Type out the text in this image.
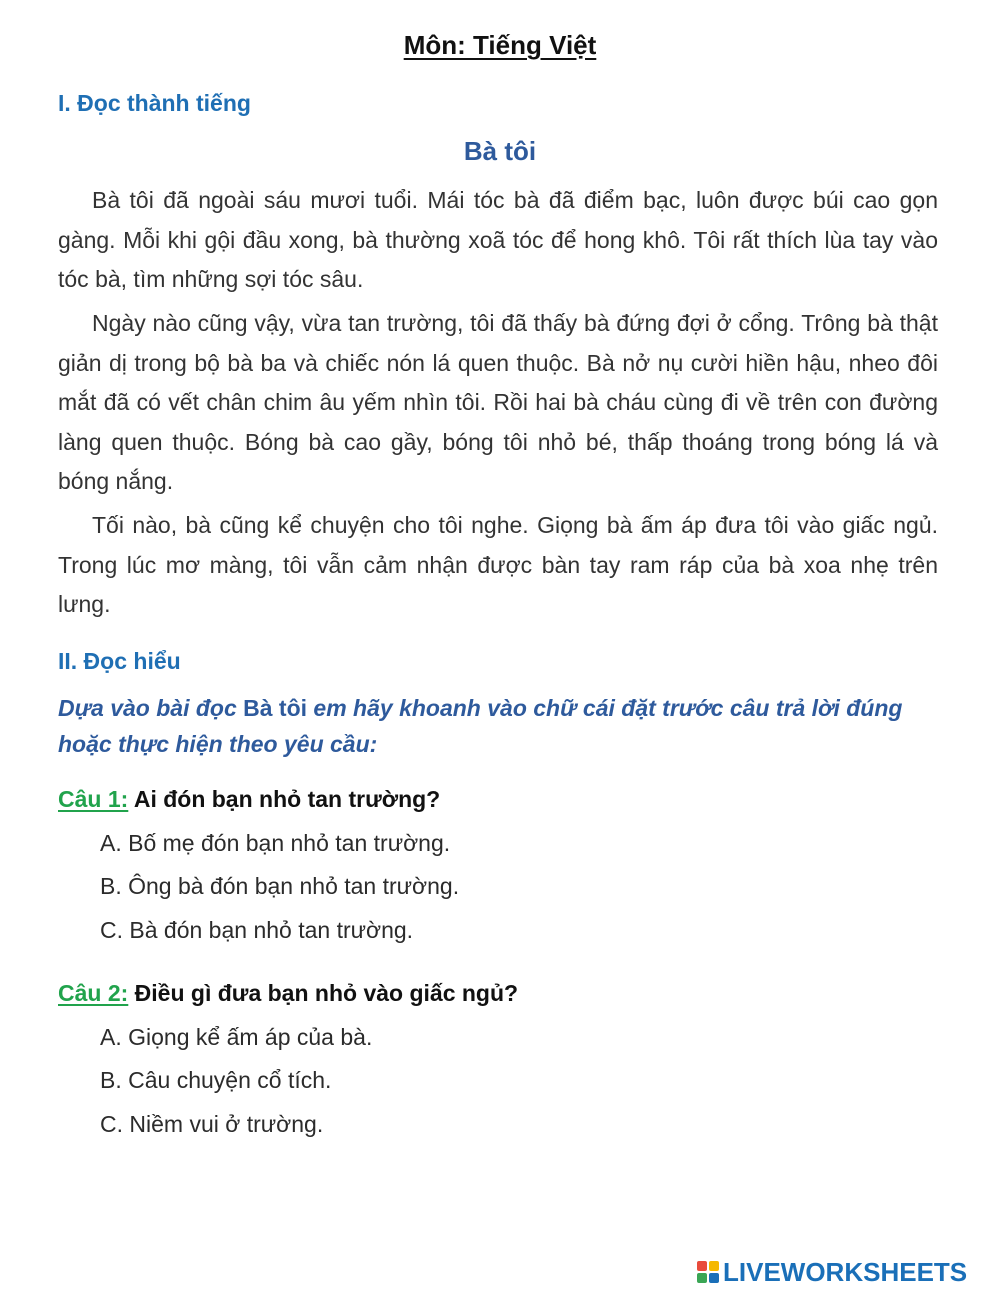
Môn: Tiếng Việt
I. Đọc thành tiếng
Bà tôi

Bà tôi đã ngoài sáu mươi tuổi. Mái tóc bà đã điểm bạc, luôn được búi cao gọn gàng. Mỗi khi gội đầu xong, bà thường xoã tóc để hong khô. Tôi rất thích lùa tay vào tóc bà, tìm những sợi tóc sâu.

Ngày nào cũng vậy, vừa tan trường, tôi đã thấy bà đứng đợi ở cổng. Trông bà thật giản dị trong bộ bà ba và chiếc nón lá quen thuộc. Bà nở nụ cười hiền hậu, nheo đôi mắt đã có vết chân chim âu yếm nhìn tôi. Rồi hai bà cháu cùng đi về trên con đường làng quen thuộc. Bóng bà cao gầy, bóng tôi nhỏ bé, thấp thoáng trong bóng lá và bóng nắng.

Tối nào, bà cũng kể chuyện cho tôi nghe. Giọng bà ấm áp đưa tôi vào giấc ngủ. Trong lúc mơ màng, tôi vẫn cảm nhận được bàn tay ram ráp của bà xoa nhẹ trên lưng.

II. Đọc hiểu

Dựa vào bài đọc Bà tôi em hãy khoanh vào chữ cái đặt trước câu trả lời đúng hoặc thực hiện theo yêu cầu:

Câu 1: Ai đón bạn nhỏ tan trường?

A. Bố mẹ đón bạn nhỏ tan trường.

B. Ông bà đón bạn nhỏ tan trường.

C. Bà đón bạn nhỏ tan trường.

Câu 2: Điều gì đưa bạn nhỏ vào giấc ngủ?

A. Giọng kể ấm áp của bà.

B. Câu chuyện cổ tích.

C. Niềm vui ở trường.

LIVEWORKSHEETS
